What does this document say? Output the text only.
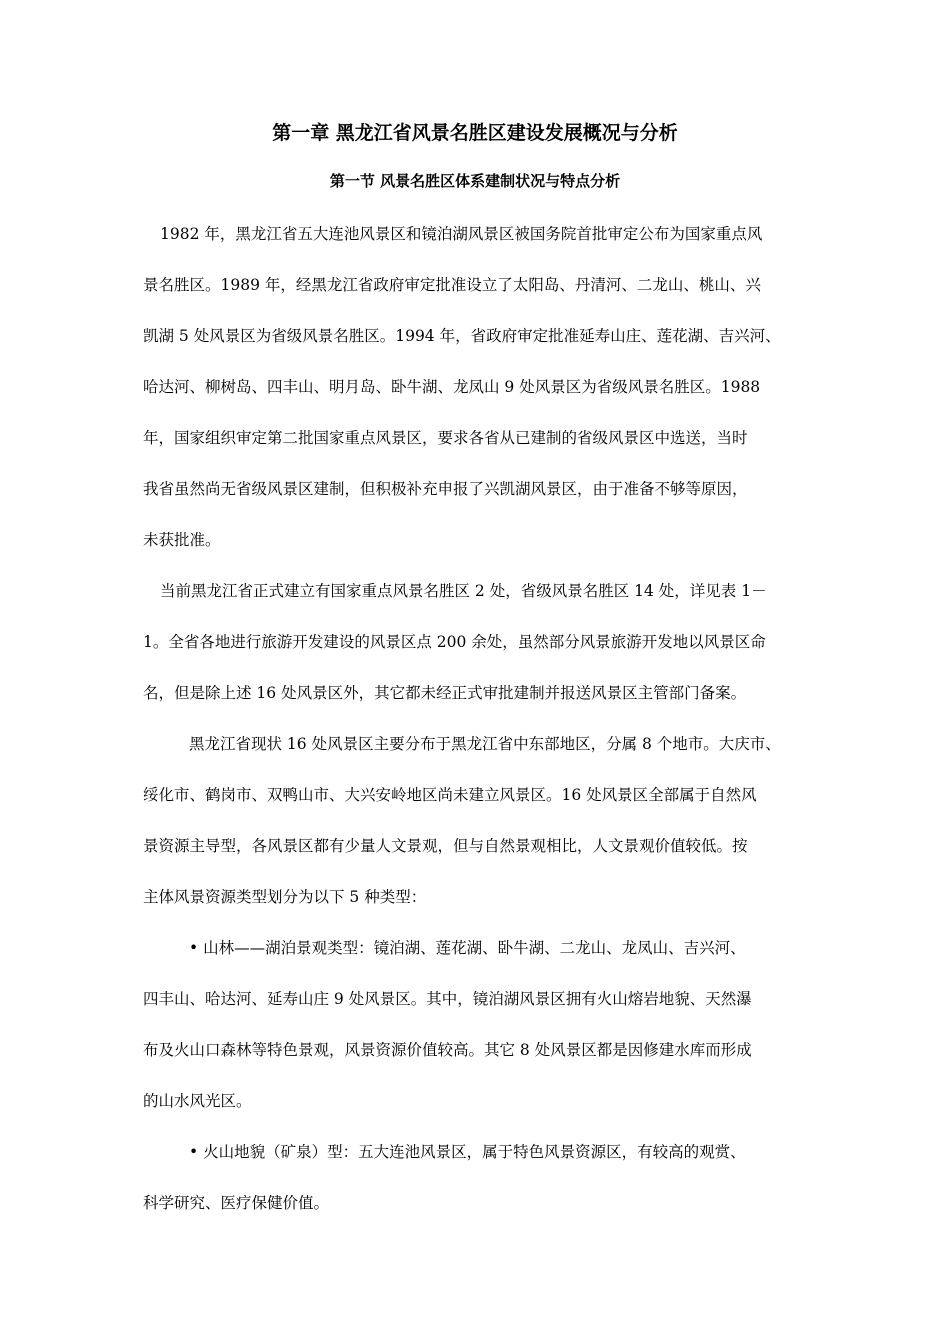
第一章 黑龙江省风景名胜区建设发展概况与分析
第一节 风景名胜区体系建制状况与特点分析
1982 年，黑龙江省五大连池风景区和镜泊湖风景区被国务院首批审定公布为国家重点风
景名胜区。1989 年，经黑龙江省政府审定批准设立了太阳岛、丹清河、二龙山、桃山、兴
凯湖 5 处风景区为省级风景名胜区。1994 年，省政府审定批准延寿山庄、莲花湖、吉兴河、
哈达河、柳树岛、四丰山、明月岛、卧牛湖、龙凤山 9 处风景区为省级风景名胜区。1988
年，国家组织审定第二批国家重点风景区，要求各省从已建制的省级风景区中选送，当时
我省虽然尚无省级风景区建制，但积极补充申报了兴凯湖风景区，由于准备不够等原因，
未获批准。
当前黑龙江省正式建立有国家重点风景名胜区 2 处，省级风景名胜区 14 处，详见表 1－
1。全省各地进行旅游开发建设的风景区点 200 余处，虽然部分风景旅游开发地以风景区命
名，但是除上述 16 处风景区外，其它都未经正式审批建制并报送风景区主管部门备案。
黑龙江省现状 16 处风景区主要分布于黑龙江省中东部地区，分属 8 个地市。大庆市、
绥化市、鹤岗市、双鸭山市、大兴安岭地区尚未建立风景区。16 处风景区全部属于自然风
景资源主导型，各风景区都有少量人文景观，但与自然景观相比，人文景观价值较低。按
主体风景资源类型划分为以下 5 种类型：
• 山林——湖泊景观类型：镜泊湖、莲花湖、卧牛湖、二龙山、龙凤山、吉兴河、
四丰山、哈达河、延寿山庄 9 处风景区。其中，镜泊湖风景区拥有火山熔岩地貌、天然瀑
布及火山口森林等特色景观，风景资源价值较高。其它 8 处风景区都是因修建水库而形成
的山水风光区。
• 火山地貌（矿泉）型：五大连池风景区，属于特色风景资源区，有较高的观赏、
科学研究、医疗保健价值。
